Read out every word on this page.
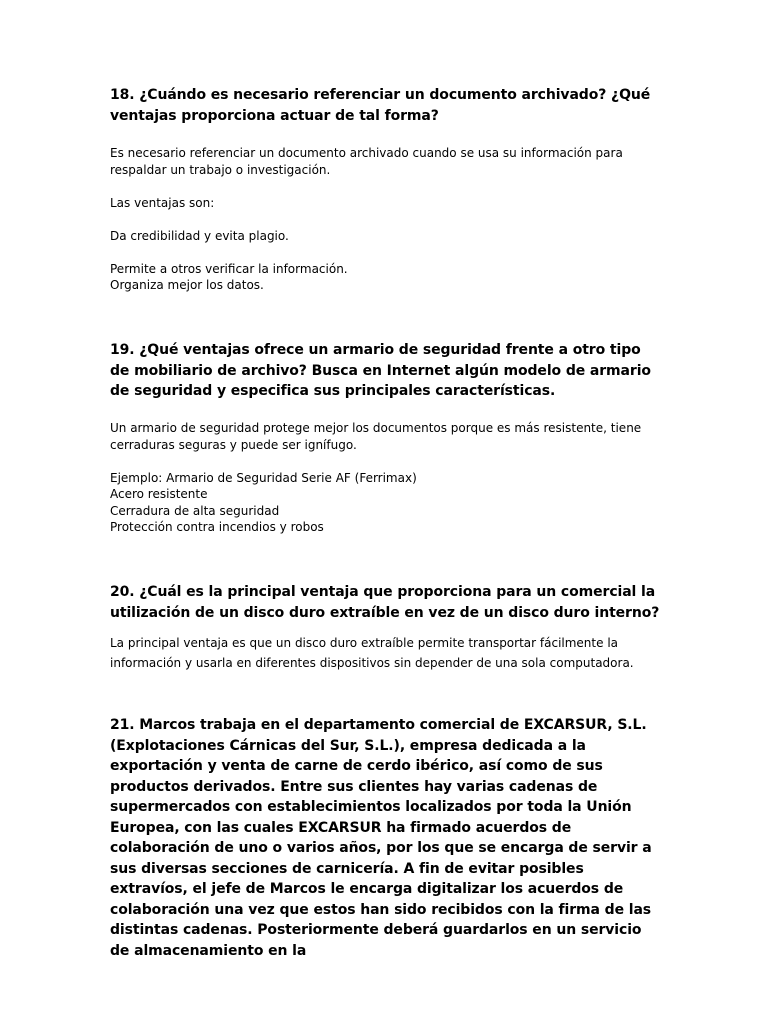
18. ¿Cuándo es necesario referenciar un documento archivado? ¿Qué ventajas proporciona actuar de tal forma?

Es necesario referenciar un documento archivado cuando se usa su información para respaldar un trabajo o investigación.

Las ventajas son:

Da credibilidad y evita plagio.

Permite a otros verificar la información.

Organiza mejor los datos.

19. ¿Qué ventajas ofrece un armario de seguridad frente a otro tipo de mobiliario de archivo? Busca en Internet algún modelo de armario de seguridad y especifica sus principales características.

Un armario de seguridad protege mejor los documentos porque es más resistente, tiene cerraduras seguras y puede ser ignífugo.

Ejemplo: Armario de Seguridad Serie AF (Ferrimax)

Acero resistente

Cerradura de alta seguridad

Protección contra incendios y robos

20. ¿Cuál es la principal ventaja que proporciona para un comercial la utilización de un disco duro extraíble en vez de un disco duro interno?

La principal ventaja es que un disco duro extraíble permite transportar fácilmente la información y usarla en diferentes dispositivos sin depender de una sola computadora.

21. Marcos trabaja en el departamento comercial de EXCARSUR, S.L. (Explotaciones Cárnicas del Sur, S.L.), empresa dedicada a la exportación y venta de carne de cerdo ibérico, así como de sus productos derivados. Entre sus clientes hay varias cadenas de supermercados con establecimientos localizados por toda la Unión Europea, con las cuales EXCARSUR ha firmado acuerdos de colaboración de uno o varios años, por los que se encarga de servir a sus diversas secciones de carnicería. A fin de evitar posibles extravíos, el jefe de Marcos le encarga digitalizar los acuerdos de colaboración una vez que estos han sido recibidos con la firma de las distintas cadenas. Posteriormente deberá guardarlos en un servicio de almacenamiento en la
